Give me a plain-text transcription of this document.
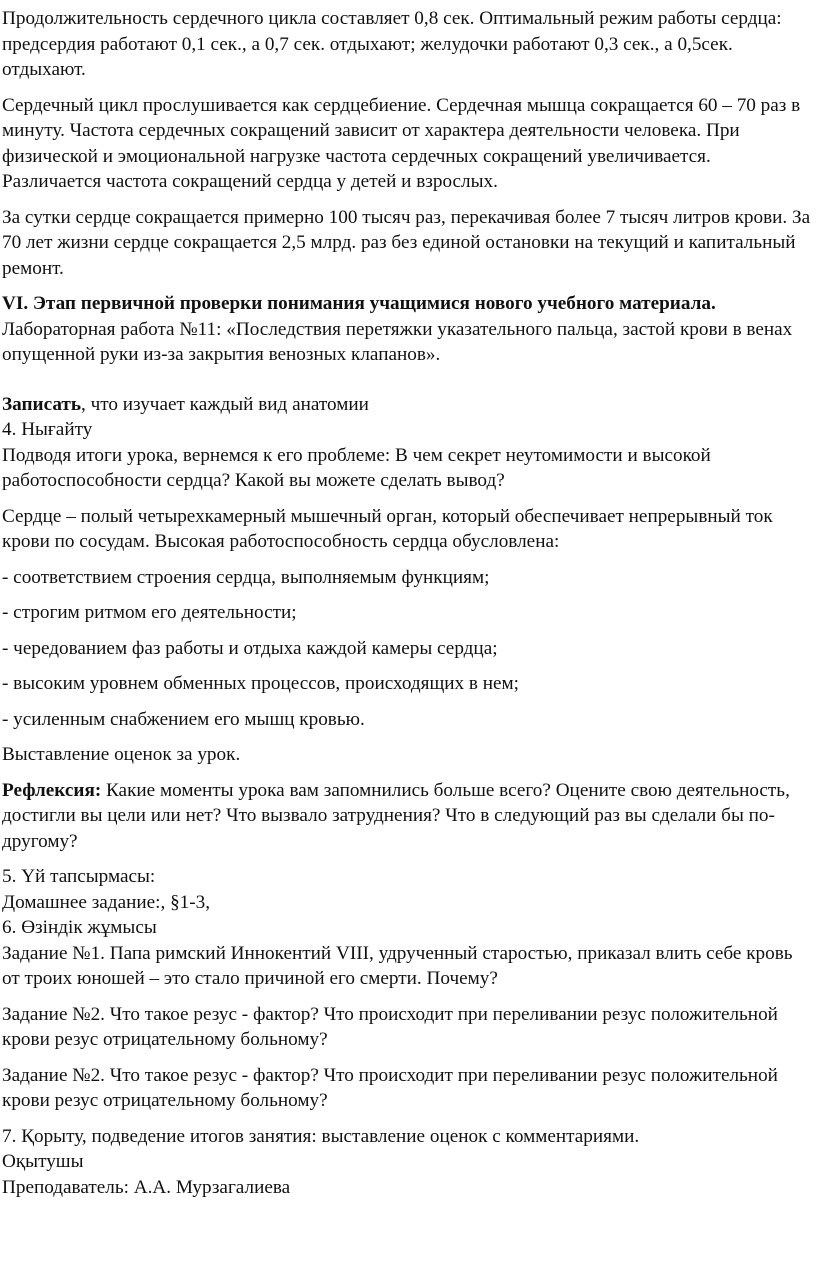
Продолжительность сердечного цикла составляет 0,8 сек. Оптимальный режим работы сердца: предсердия работают 0,1 сек., а 0,7 сек. отдыхают; желудочки работают 0,3 сек., а 0,5сек. отдыхают.

Сердечный цикл прослушивается как сердцебиение. Сердечная мышца сокращается 60 – 70 раз в минуту. Частота сердечных сокращений зависит от характера деятельности человека. При физической и эмоциональной нагрузке частота сердечных сокращений увеличивается. Различается частота сокращений сердца у детей и взрослых.

За сутки сердце сокращается примерно 100 тысяч раз, перекачивая более 7 тысяч литров крови. За 70 лет жизни сердце сокращается 2,5 млрд. раз без единой остановки на текущий и капитальный ремонт.

VI. Этап первичной проверки понимания учащимися нового учебного материала. Лабораторная работа №11: «Последствия перетяжки указательного пальца, застой крови в венах опущенной руки из-за закрытия венозных клапанов».

Записать, что изучает каждый вид анатомии

4. Нығайту

Подводя итоги урока, вернемся к его проблеме: В чем секрет неутомимости и высокой работоспособности сердца? Какой вы можете сделать вывод?

Сердце – полый четырехкамерный мышечный орган, который обеспечивает непрерывный ток крови по сосудам. Высокая работоспособность сердца обусловлена:

- соответствием строения сердца, выполняемым функциям;

- строгим ритмом его деятельности;

- чередованием фаз работы и отдыха каждой камеры сердца;

- высоким уровнем обменных процессов, происходящих в нем;

- усиленным снабжением его мышц кровью.

Выставление оценок за урок.

Рефлексия: Какие моменты урока вам запомнились больше всего? Оцените свою деятельность, достигли вы цели или нет? Что вызвало затруднения? Что в следующий раз вы сделали бы по-другому?

5. Үй тапсырмасы:

Домашнее задание:, §1-3,

6. Өзіндік жұмысы

Задание №1. Папа римский Иннокентий VIII, удрученный старостью, приказал влить себе кровь от троих юношей – это стало причиной его смерти. Почему?

Задание №2. Что такое резус - фактор? Что происходит при переливании резус положительной крови резус отрицательному больному?

Задание №2. Что такое резус - фактор? Что происходит при переливании резус положительной крови резус отрицательному больному?

7. Қорыту, подведение итогов занятия: выставление оценок с комментариями.

Оқытушы

Преподаватель: А.А. Мурзагалиева
